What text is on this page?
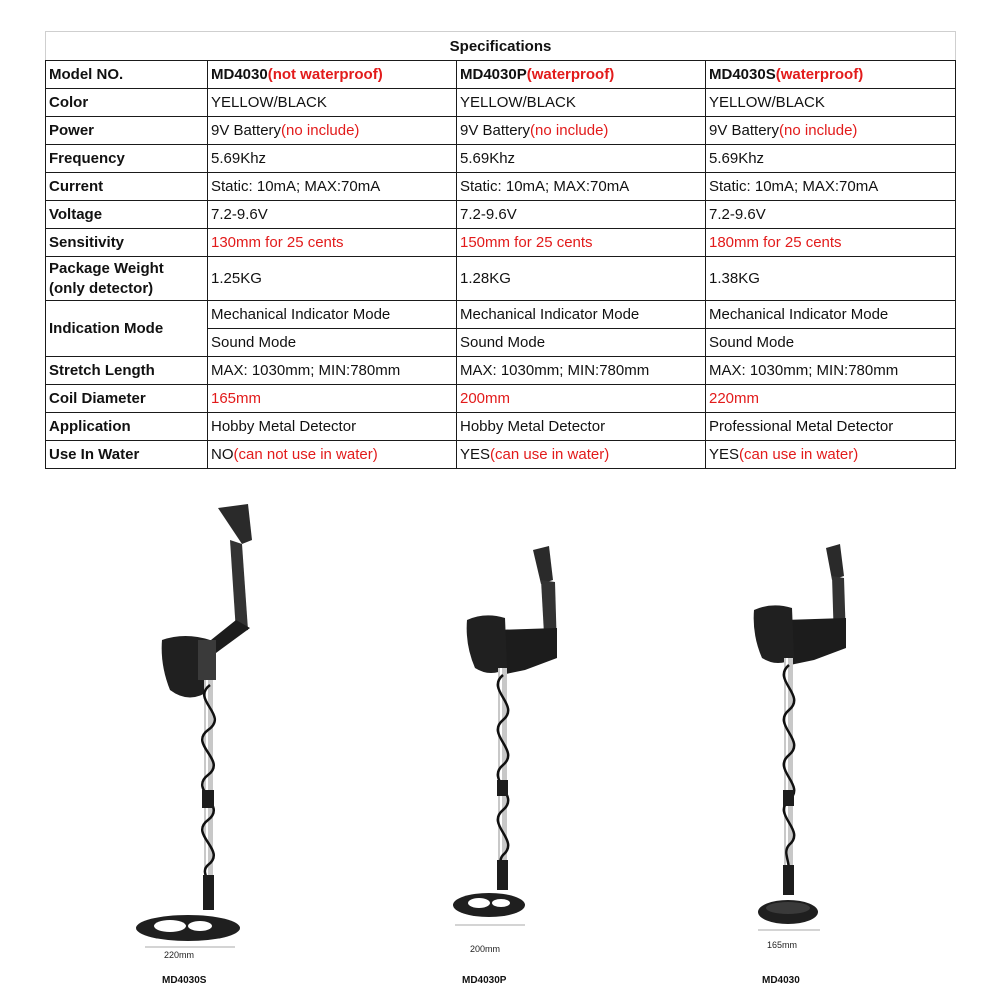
Specifications			
Model NO.	MD4030(not waterproof)	MD4030P(waterproof)	MD4030S(waterproof)
Color	YELLOW/BLACK	YELLOW/BLACK	YELLOW/BLACK
Power	9V Battery(no include)	9V Battery(no include)	9V Battery(no include)
Frequency	5.69Khz	5.69Khz	5.69Khz
Current	Static: 10mA; MAX:70mA	Static: 10mA; MAX:70mA	Static: 10mA; MAX:70mA
Voltage	7.2-9.6V	7.2-9.6V	7.2-9.6V
Sensitivity	130mm for 25 cents	150mm for 25 cents	180mm for 25 cents
Package Weight
(only detector)	1.25KG	1.28KG	1.38KG
Indication Mode	Mechanical Indicator Mode	Mechanical Indicator Mode	Mechanical Indicator Mode
	Sound Mode	Sound Mode	Sound Mode
Stretch Length	MAX: 1030mm; MIN:780mm	MAX: 1030mm; MIN:780mm	MAX: 1030mm; MIN:780mm
Coil Diameter	165mm	200mm	220mm
Application	Hobby Metal Detector	Hobby Metal Detector	Professional Metal Detector
Use In Water	NO(can not use in water)	YES(can use in water)	YES(can use in water)
220mm
MD4030S
200mm
MD4030P
165mm
MD4030
